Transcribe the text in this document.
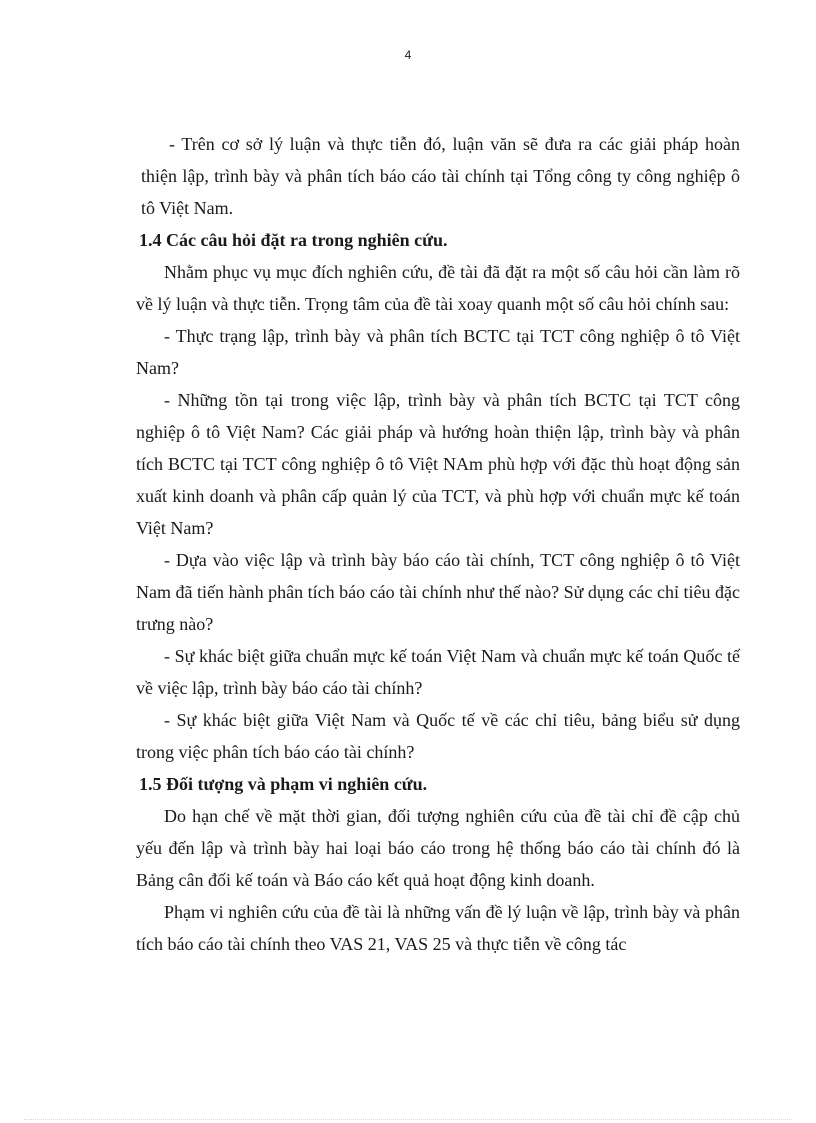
4

- Trên cơ sở lý luận và thực tiễn đó, luận văn sẽ đưa ra các giải pháp hoàn thiện lập, trình bày và phân tích báo cáo tài chính tại Tổng công ty công nghiệp ô tô Việt Nam.

1.4 Các câu hỏi đặt ra trong nghiên cứu.

Nhằm phục vụ mục đích nghiên cứu, đề tài đã đặt ra một số câu hỏi cần làm rõ về lý luận và thực tiễn. Trọng tâm của đề tài xoay quanh một số câu hỏi chính sau:

- Thực trạng lập, trình bày và phân tích BCTC tại TCT công nghiệp ô tô Việt Nam?

- Những tồn tại trong việc lập, trình bày và phân tích BCTC tại TCT công nghiệp ô tô Việt Nam? Các giải pháp và hướng hoàn thiện lập, trình bày và phân tích BCTC tại TCT công nghiệp ô tô Việt NAm phù hợp với đặc thù hoạt động sản xuất kinh doanh và phân cấp quản lý của TCT, và phù hợp với chuẩn mực kế toán Việt Nam?

- Dựa vào việc lập và trình bày báo cáo tài chính, TCT công nghiệp ô tô Việt Nam đã tiến hành phân tích báo cáo tài chính như thế nào? Sử dụng các chỉ tiêu đặc trưng nào?

- Sự khác biệt giữa chuẩn mực kế toán Việt Nam và chuẩn mực kế toán Quốc tế về việc lập, trình bày báo cáo tài chính?

- Sự khác biệt giữa Việt Nam và Quốc tế về các chỉ tiêu, bảng biểu sử dụng trong việc phân tích báo cáo tài chính?

1.5 Đối tượng và phạm vi nghiên cứu.

Do hạn chế về mặt thời gian, đối tượng nghiên cứu của đề tài chỉ đề cập chủ yếu đến lập và trình bày hai loại báo cáo trong hệ thống báo cáo tài chính đó là Bảng cân đối kế toán và Báo cáo kết quả hoạt động kinh doanh.

Phạm vi nghiên cứu của đề tài là những vấn đề lý luận về lập, trình bày và phân tích báo cáo tài chính theo VAS 21, VAS 25 và thực tiễn về công tác
